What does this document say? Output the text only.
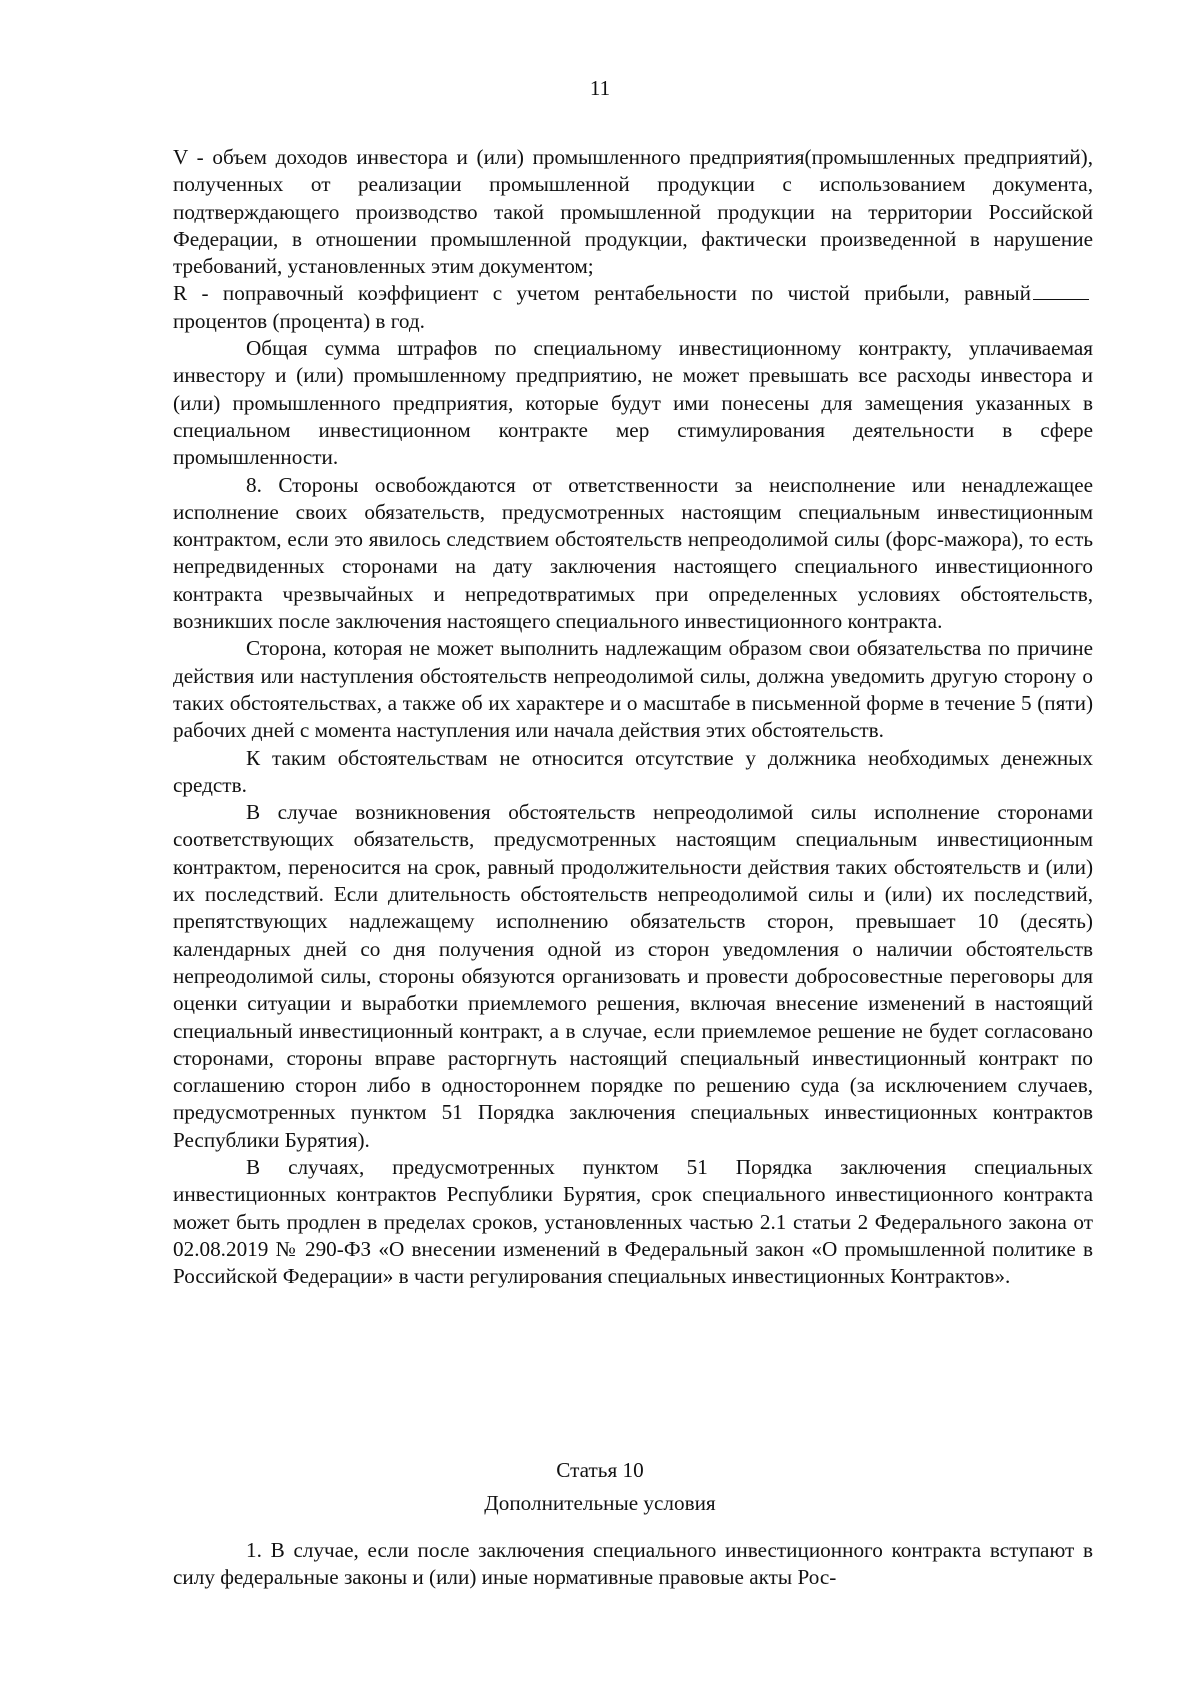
11

V - объем доходов инвестора и (или) промышленного предприятия(промышленных предприятий), полученных от реализации промышленной продукции с использованием документа, подтверждающего производство такой промышленной продукции на территории Российской Федерации, в отношении промышленной продукции, фактически произведенной в нарушение требований, установленных этим документом;

R - поправочный коэффициент с учетом рентабельности по чистой прибыли, равныйпроцентов (процента) в год.

Общая сумма штрафов по специальному инвестиционному контракту, уплачиваемая инвестору и (или) промышленному предприятию, не может превышать все расходы инвестора и (или) промышленного предприятия, которые будут ими понесены для замещения указанных в специальном инвестиционном контракте мер стимулирования деятельности в сфере промышленности.

8. Стороны освобождаются от ответственности за неисполнение или ненадлежащее исполнение своих обязательств, предусмотренных настоящим специальным инвестиционным контрактом, если это явилось следствием обстоятельств непреодолимой силы (форс-мажора), то есть непредвиденных сторонами на дату заключения настоящего специального инвестиционного контракта чрезвычайных и непредотвратимых при определенных условиях обстоятельств, возникших после заключения настоящего специального инвестиционного контракта.

Сторона, которая не может выполнить надлежащим образом свои обязательства по причине действия или наступления обстоятельств непреодолимой силы, должна уведомить другую сторону о таких обстоятельствах, а также об их характере и о масштабе в письменной форме в течение 5 (пяти) рабочих дней с момента наступления или начала действия этих обстоятельств.

К таким обстоятельствам не относится отсутствие у должника необходимых денежных средств.

В случае возникновения обстоятельств непреодолимой силы исполнение сторонами соответствующих обязательств, предусмотренных настоящим специальным инвестиционным контрактом, переносится на срок, равный продолжительности действия таких обстоятельств и (или) их последствий. Если длительность обстоятельств непреодолимой силы и (или) их последствий, препятствующих надлежащему исполнению обязательств сторон, превышает 10 (десять) календарных дней со дня получения одной из сторон уведомления о наличии обстоятельств непреодолимой силы, стороны обязуются организовать и провести добросовестные переговоры для оценки ситуации и выработки приемлемого решения, включая внесение изменений в настоящий специальный инвестиционный контракт, а в случае, если приемлемое решение не будет согласовано сторонами, стороны вправе расторгнуть настоящий специальный инвестиционный контракт по соглашению сторон либо в одностороннем порядке по решению суда (за исключением случаев, предусмотренных пунктом 51 Порядка заключения специальных инвестиционных контрактов Республики Бурятия).

В случаях, предусмотренных пунктом 51 Порядка заключения специальных инвестиционных контрактов Республики Бурятия, срок специального инвестиционного контракта может быть продлен в пределах сроков, установленных частью 2.1 статьи 2 Федерального закона от 02.08.2019 № 290-ФЗ «О внесении изменений в Федеральный закон «О промышленной политике в Российской Федерации» в части регулирования специальных инвестиционных Контрактов».

Статья 10
Дополнительные условия

1. В случае, если после заключения специального инвестиционного контракта вступают в силу федеральные законы и (или) иные нормативные правовые акты Рос-
